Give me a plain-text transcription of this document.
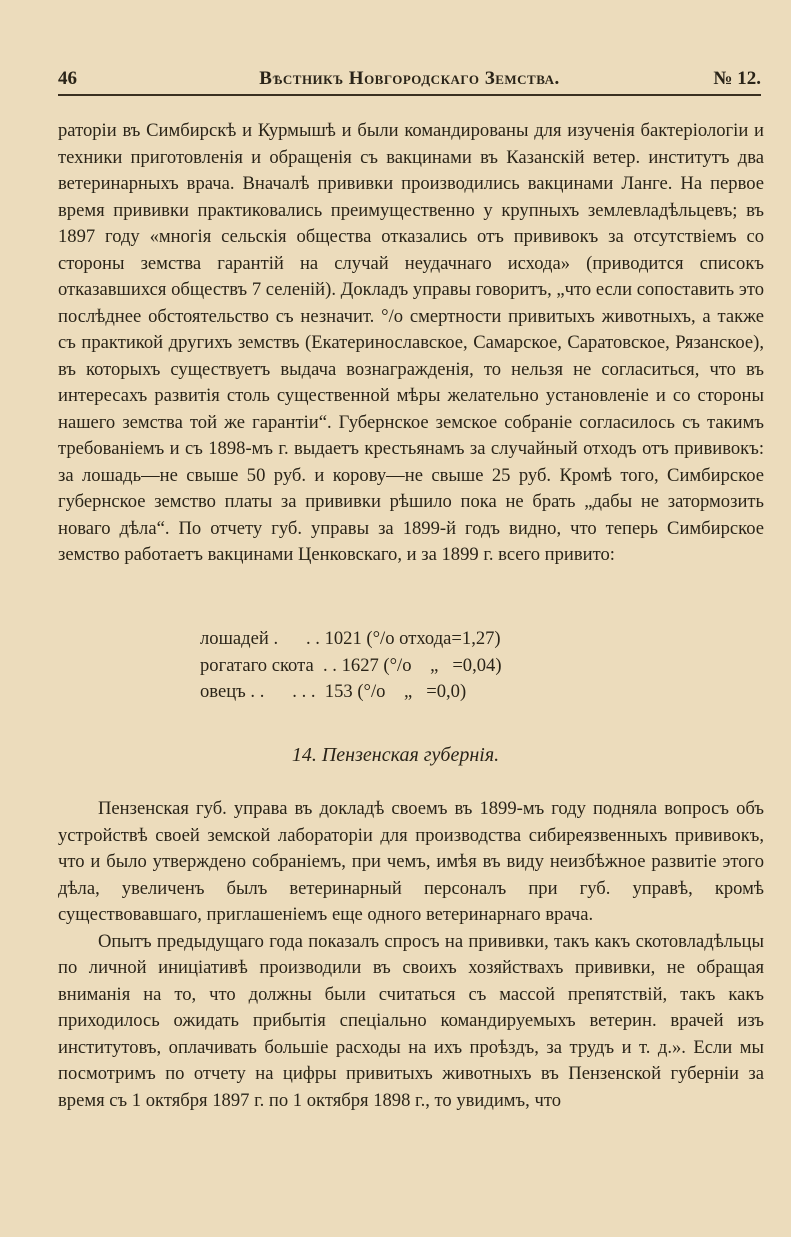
46	Вѣстникъ Новгородскаго Земства.	№ 12.

раторіи въ Симбирскѣ и Курмышѣ и были командированы для изученія бактеріологіи и техники приготовленія и обращенія съ вакцинами въ Казанскій ветер. институтъ два ветеринарныхъ врача. Вначалѣ прививки производились вакцинами Ланге. На первое время прививки практиковались преимущественно у крупныхъ землевладѣльцевъ; въ 1897 году «многія сельскія общества отказались отъ прививокъ за отсутствіемъ со стороны земства гарантій на случай неудачнаго исхода» (приводится списокъ отказавшихся обществъ 7 селеній). Докладъ управы говоритъ, „что если сопоставить это послѣднее обстоятельство съ незначит. °/o смертности привитыхъ животныхъ, а также съ практикой другихъ земствъ (Екатеринославское, Самарское, Саратовское, Рязанское), въ которыхъ существуетъ выдача вознагражденія, то нельзя не согласиться, что въ интересахъ развитія столь существенной мѣры желательно установленіе и со стороны нашего земства той же гарантіи“. Губернское земское собраніе согласилось съ такимъ требованіемъ и съ 1898-мъ г. выдаетъ крестьянамъ за случайный отходъ отъ прививокъ: за лошадь—не свыше 50 руб. и корову—не свыше 25 руб. Кромѣ того, Симбирское губернское земство платы за прививки рѣшило пока не брать „дабы не затормозить новаго дѣла“. По отчету губ. управы за 1899-й годъ видно, что теперь Симбирское земство работаетъ вакцинами Ценковскаго, и за 1899 г. всего привито:

лошадей .      . . 1021 (°/o отхода=1,27)
рогатаго скота  . . 1627 (°/o    „   =0,04)
овецъ . .      . . .  153 (°/o    „   =0,0)
14. Пензенская губернія.

Пензенская губ. управа въ докладѣ своемъ въ 1899-мъ году подняла вопросъ объ устройствѣ своей земской лабораторіи для производства сибиреязвенныхъ прививокъ, что и было утверждено собраніемъ, при чемъ, имѣя въ виду неизбѣжное развитіе этого дѣла, увеличенъ былъ ветеринарный персоналъ при губ. управѣ, кромѣ существовавшаго, приглашеніемъ еще одного ветеринарнаго врача.

Опытъ предыдущаго года показалъ спросъ на прививки, такъ какъ скотовладѣльцы по личной иниціативѣ производили въ своихъ хозяйствахъ прививки, не обращая вниманія на то, что должны были считаться съ массой препятствій, такъ какъ приходилось ожидать прибытія спеціально командируемыхъ ветерин. врачей изъ институтовъ, оплачивать большіе расходы на ихъ проѣздъ, за трудъ и т. д.». Если мы посмотримъ по отчету на цифры привитыхъ животныхъ въ Пензенской губерніи за время съ 1 октября 1897 г. по 1 октября 1898 г., то увидимъ, что
